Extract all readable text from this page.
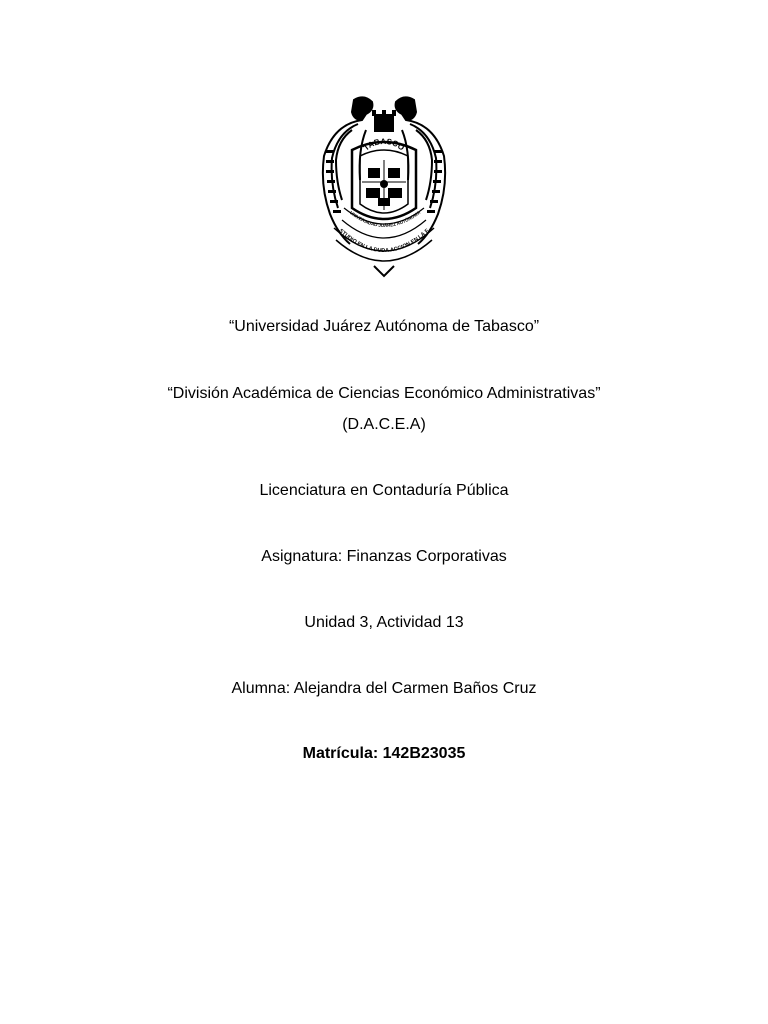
TABASCO
UNIVERSIDAD JUÁREZ AUTÓNOMA
STUDIO EN LA DUDA ACCION EN LA F
“Universidad Juárez Autónoma de Tabasco”
“División Académica de Ciencias Económico Administrativas”
(D.A.C.E.A)
Licenciatura en Contaduría Pública
Asignatura: Finanzas Corporativas
Unidad 3, Actividad 13
Alumna: Alejandra del Carmen Baños Cruz
Matrícula: 142B23035
